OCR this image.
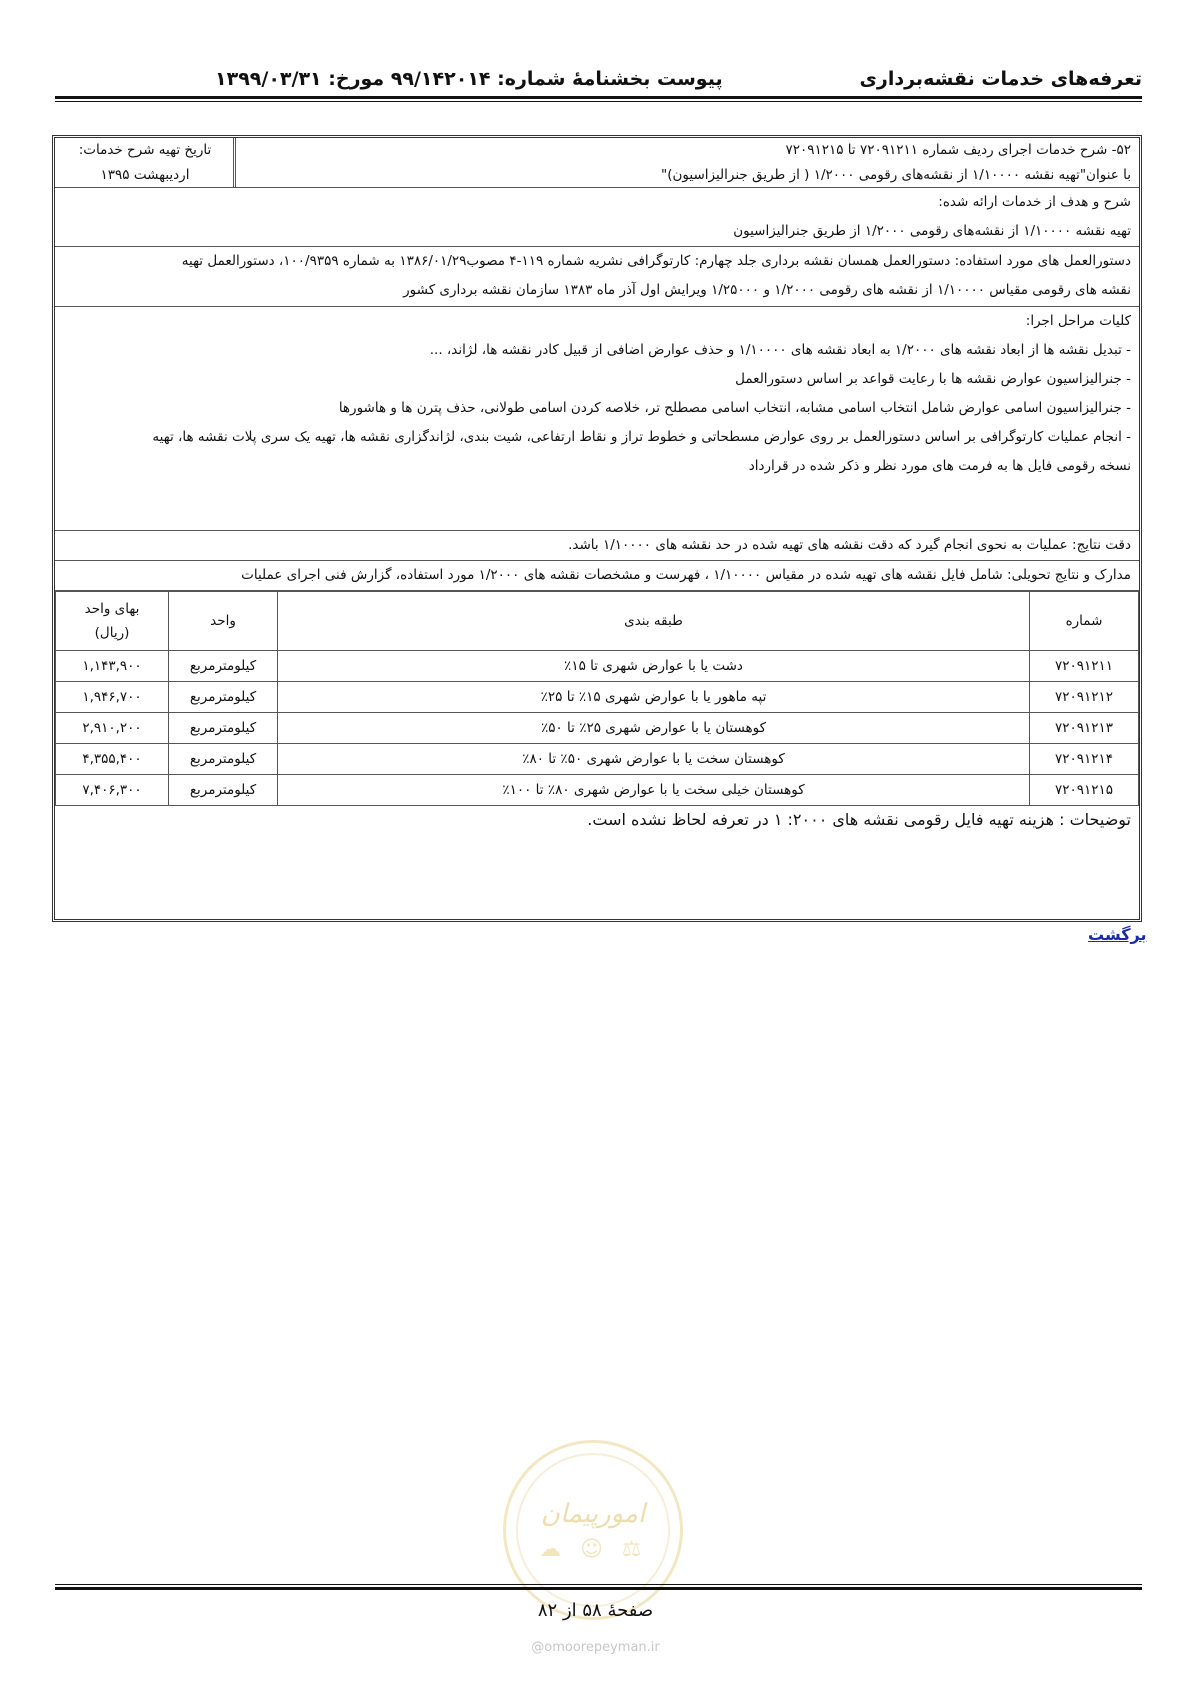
تعرفه‌های خدمات نقشه‌برداری
پیوست بخشنامۀ شماره: ۹۹/۱۴۲۰۱۴ مورخ: ۱۳۹۹/۰۳/۳۱
۵۲- شرح خدمات اجرای ردیف شماره ۷۲۰۹۱۲۱۱ تا ۷۲۰۹۱۲۱۵
با عنوان"تهیه نقشه ۱/۱۰۰۰۰ از نقشه‌های رقومی ۱/۲۰۰۰ ( از طریق جنرالیزاسیون)"
تاریخ تهیه شرح خدمات:
اردیبهشت ۱۳۹۵
شرح و هدف از خدمات ارائه شده:
تهیه نقشه ۱/۱۰۰۰۰ از نقشه‌های رقومی ۱/۲۰۰۰ از طریق جنرالیزاسیون
دستورالعمل های مورد استفاده: دستورالعمل همسان نقشه برداری جلد چهارم: کارتوگرافی نشریه شماره ۱۱۹-۴ مصوب۱۳۸۶/۰۱/۲۹ به شماره ۱۰۰/۹۳۵۹، دستورالعمل تهیه
نقشه های رقومی مقیاس ۱/۱۰۰۰۰ از نقشه های رقومی ۱/۲۰۰۰ و ۱/۲۵۰۰۰ ویرایش اول آذر ماه ۱۳۸۳ سازمان نقشه برداری کشور
کلیات مراحل اجرا:
- تبدیل نقشه ها از ابعاد نقشه های ۱/۲۰۰۰ به ابعاد نقشه های ۱/۱۰۰۰۰ و حذف عوارض اضافی از قبیل کادر نقشه ها، لژاند، ...
- جنرالیزاسیون عوارض نقشه ها با رعایت قواعد بر اساس دستورالعمل
- جنرالیزاسیون اسامی عوارض شامل انتخاب اسامی مشابه، انتخاب اسامی مصطلح تر، خلاصه کردن اسامی طولانی، حذف پترن ها و هاشورها
- انجام عملیات کارتوگرافی بر اساس دستورالعمل بر روی عوارض مسطحاتی و خطوط تراز و نقاط ارتفاعی، شیت بندی، لژاندگزاری نقشه ها، تهیه یک سری پلات نقشه ها، تهیه
نسخه رقومی فایل ها به فرمت های مورد نظر و ذکر شده در قرارداد
دقت نتایج: عملیات به نحوی انجام گیرد که دقت نقشه های تهیه شده در حد نقشه های ۱/۱۰۰۰۰ باشد.
مدارک و نتایج تحویلی: شامل فایل نقشه های تهیه شده در مقیاس ۱/۱۰۰۰۰ ، فهرست و مشخصات نقشه های ۱/۲۰۰۰ مورد استفاده، گزارش فنی اجرای عملیات
شماره	طبقه بندی	واحد	بهای واحد
(ریال)

۷۲۰۹۱۲۱۱	دشت یا با عوارض شهری تا ۱۵٪	کیلومترمربع	۱,۱۴۳,۹۰۰
۷۲۰۹۱۲۱۲	تپه ماهور یا با عوارض شهری ۱۵٪ تا ۲۵٪	کیلومترمربع	۱,۹۴۶,۷۰۰
۷۲۰۹۱۲۱۳	کوهستان یا با عوارض شهری ۲۵٪ تا ۵۰٪	کیلومترمربع	۲,۹۱۰,۲۰۰
۷۲۰۹۱۲۱۴	کوهستان سخت یا با عوارض شهری ۵۰٪ تا ۸۰٪	کیلومترمربع	۴,۳۵۵,۴۰۰
۷۲۰۹۱۲۱۵	کوهستان خیلی سخت یا با عوارض شهری ۸۰٪ تا ۱۰۰٪	کیلومترمربع	۷,۴۰۶,۳۰۰
توضیحات : هزینه تهیه فایل رقومی نقشه های ۲۰۰۰: ۱ در تعرفه لحاظ نشده است.
برگشت
امورپیمان
⚖ ☺ ☁
صفحۀ ۵۸ از ۸۲
@omoorepeyman.ir
